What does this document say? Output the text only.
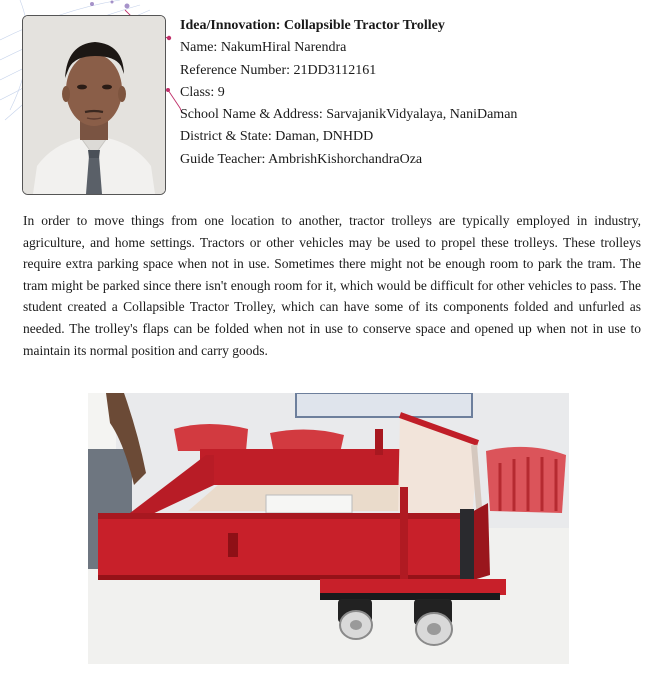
Idea/Innovation: Collapsible Tractor Trolley
Name: NakumHiral Narendra
Reference Number: 21DD3112161
Class: 9
School Name & Address: SarvajanikVidyalaya, NaniDaman
District & State: Daman, DNHDD
Guide Teacher: AmbrishKishorchandraOza

In order to move things from one location to another, tractor trolleys are typically employed in industry, agriculture, and home settings. Tractors or other vehicles may be used to propel these trolleys. These trolleys require extra parking space when not in use. Sometimes there might not be enough room to park the tram. The tram might be parked since there isn't enough room for it, which would be difficult for other vehicles to pass. The student created a Collapsible Tractor Trolley, which can have some of its components folded and unfurled as needed. The trolley's flaps can be folded when not in use to conserve space and opened up when not in use to maintain its normal position and carry goods.
